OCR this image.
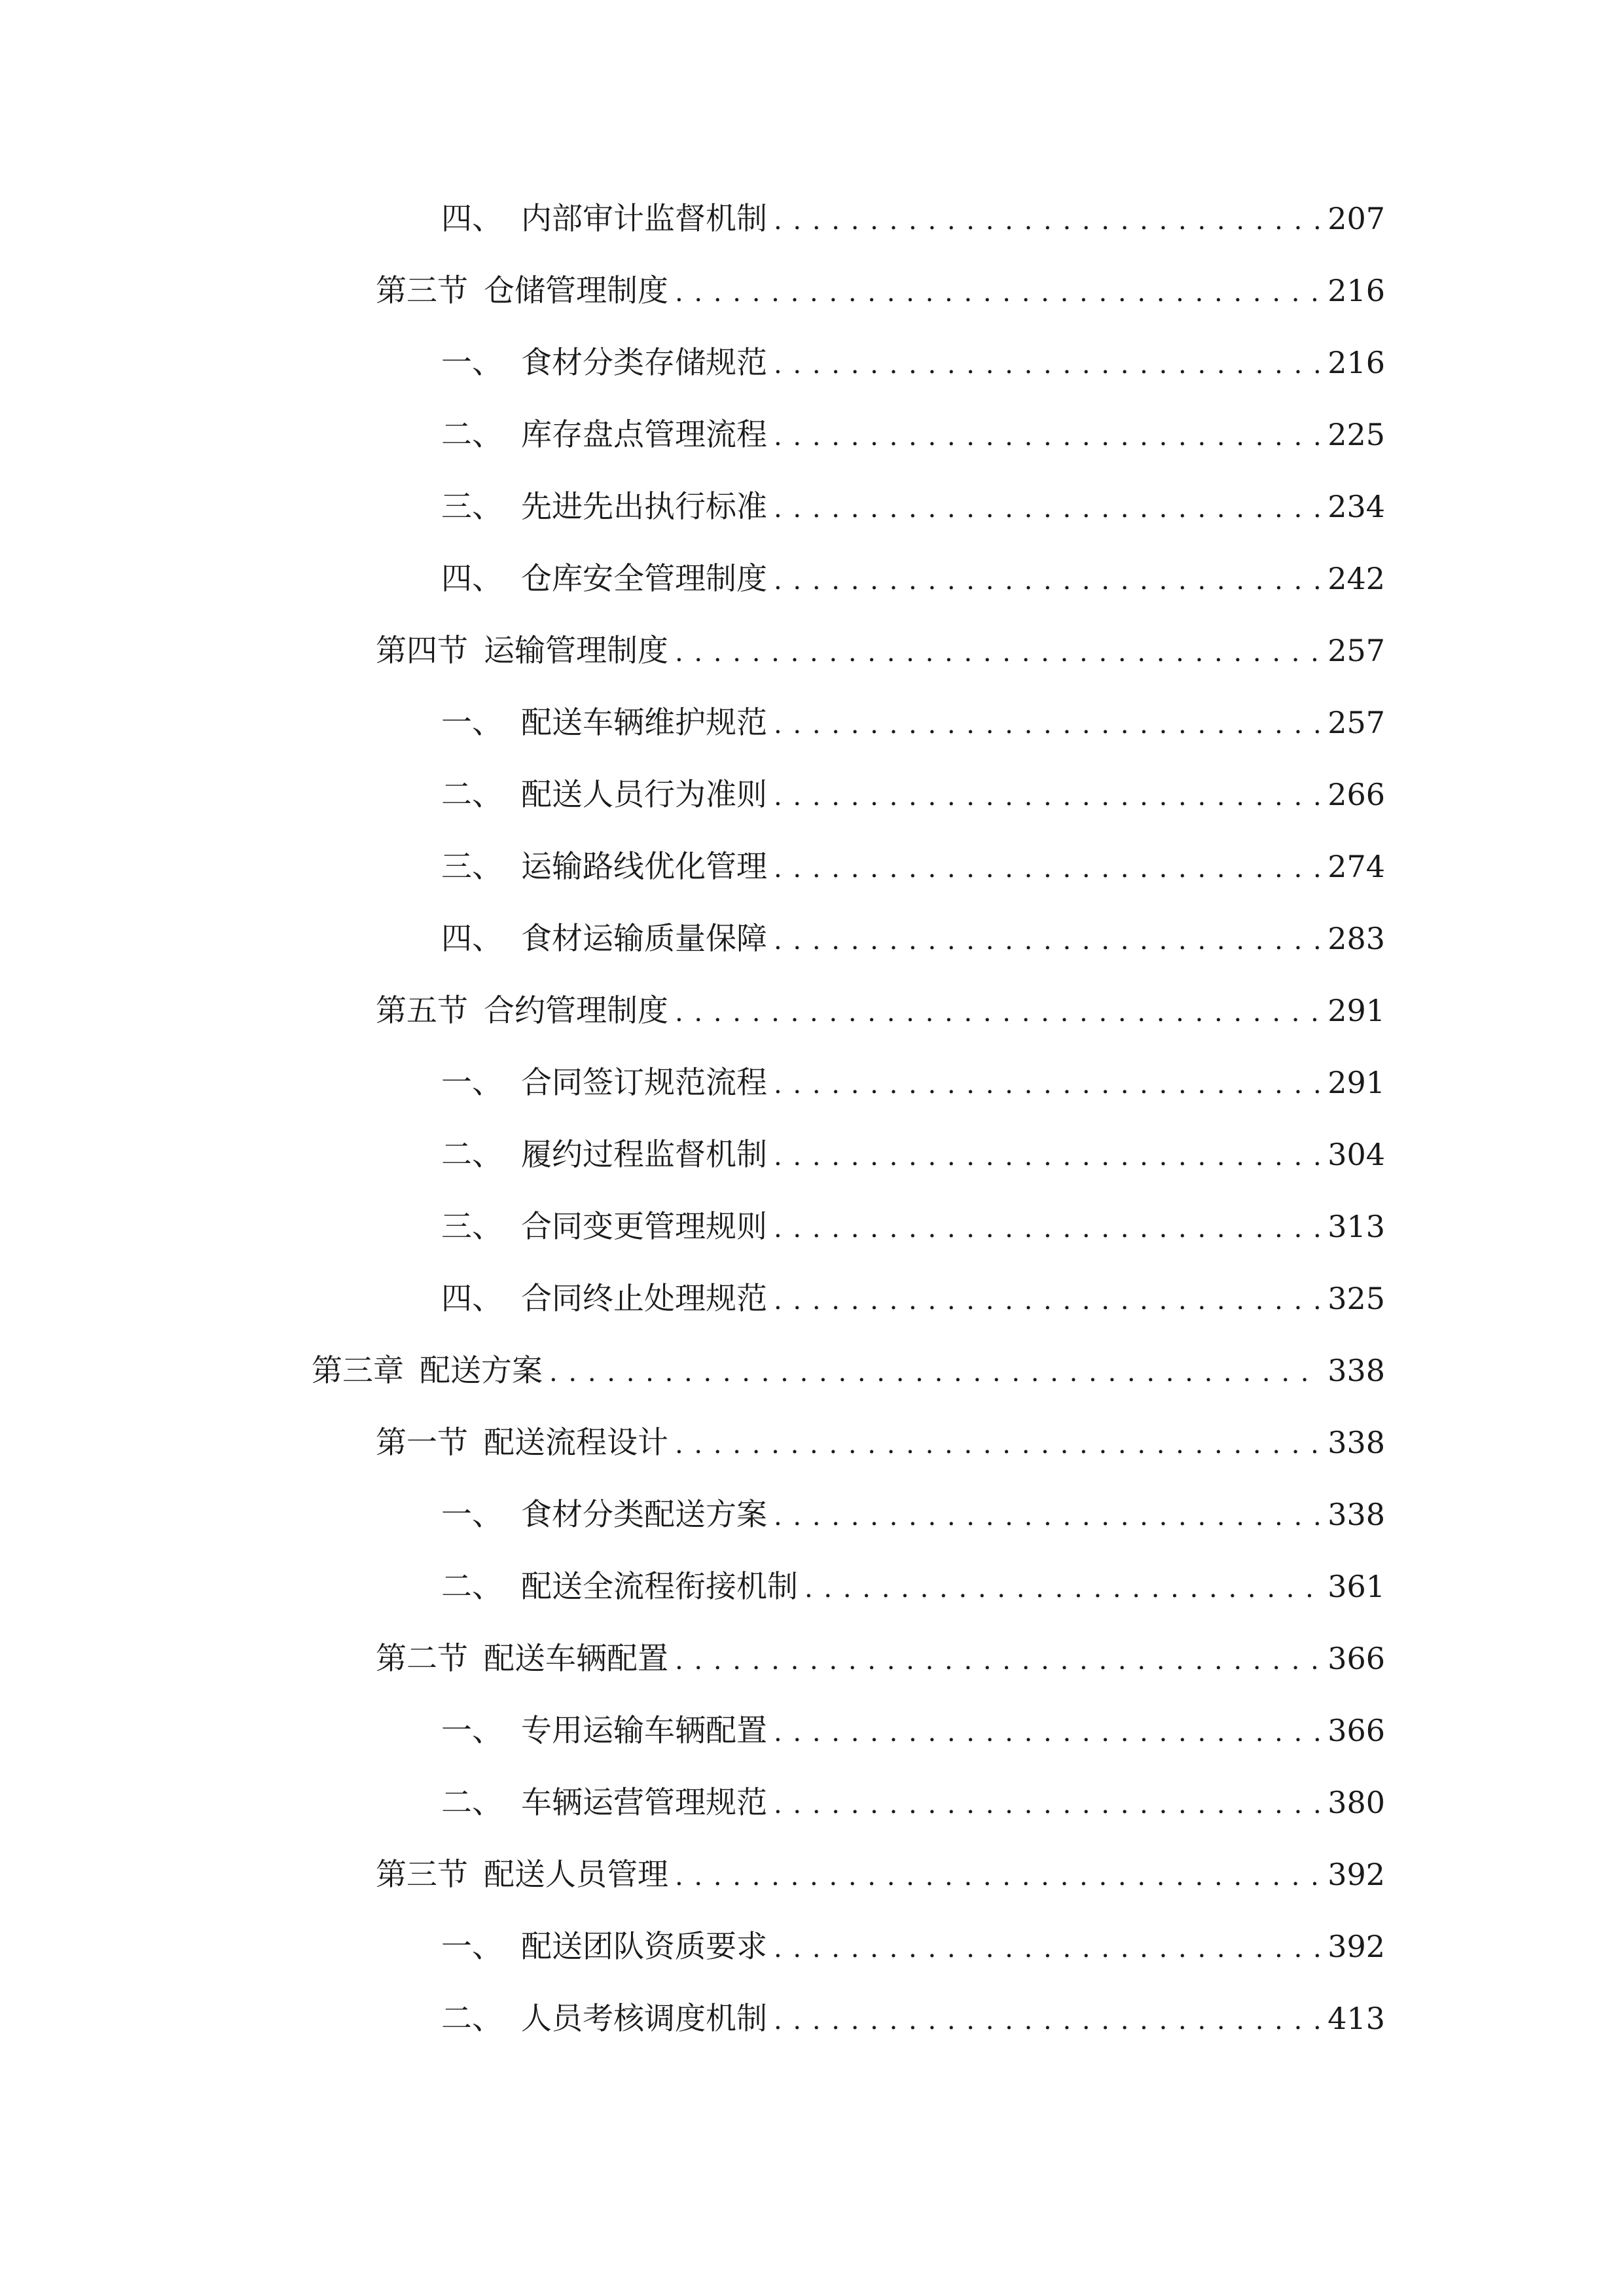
四、 内部审计监督机制 . . .	207
第三节 仓储管理制度 . . .	216
一、 食材分类存储规范 . . .	216
二、 库存盘点管理流程 . . .	225
三、 先进先出执行标准 . . .	234
四、 仓库安全管理制度 . . .	242
第四节 运输管理制度 . . .	257
一、 配送车辆维护规范 . . .	257
二、 配送人员行为准则 . . .	266
三、 运输路线优化管理 . . .	274
四、 食材运输质量保障 . . .	283
第五节 合约管理制度 . . .	291
一、 合同签订规范流程 . . .	291
二、 履约过程监督机制 . . .	304
三、 合同变更管理规则 . . .	313
四、 合同终止处理规范 . . .	325
第三章 配送方案 . . .	338
第一节 配送流程设计 . . .	338
一、 食材分类配送方案 . . .	338
二、 配送全流程衔接机制 . . .	361
第二节 配送车辆配置 . . .	366
一、 专用运输车辆配置 . . .	366
二、 车辆运营管理规范 . . .	380
第三节 配送人员管理 . . .	392
一、 配送团队资质要求 . . .	392
二、 人员考核调度机制 . . .	413
